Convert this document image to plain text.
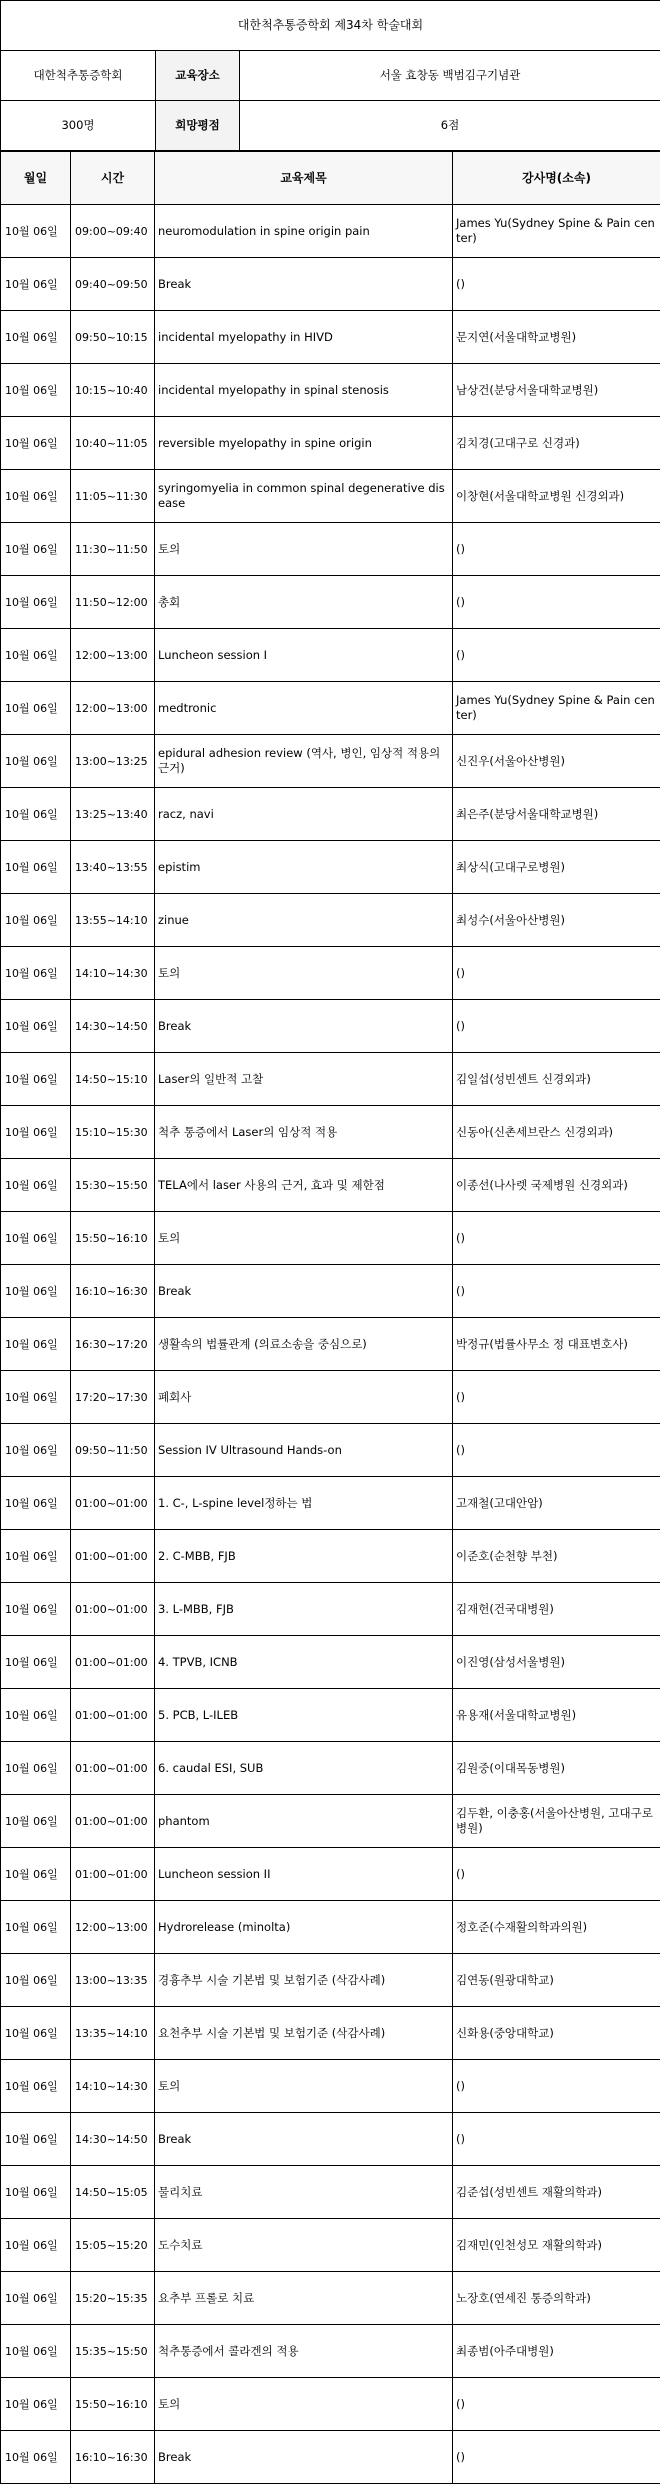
대한척추통증학회 제34차 학술대회		
대한척추통증학회	교육장소	서울 효창동 백범김구기념관
300명	희망평점	6점
월일	시간	교육제목	강사명(소속)
10월 06일	09:00~09:40	neuromodulation in spine origin pain	James Yu(Sydney Spine & Pain center)
10월 06일	09:40~09:50	Break	()
10월 06일	09:50~10:15	incidental myelopathy in HIVD	문지연(서울대학교병원)
10월 06일	10:15~10:40	incidental myelopathy in spinal stenosis	남상건(분당서울대학교병원)
10월 06일	10:40~11:05	reversible myelopathy in spine origin	김치경(고대구로 신경과)
10월 06일	11:05~11:30	syringomyelia in common spinal degenerative disease	이창현(서울대학교병원 신경외과)
10월 06일	11:30~11:50	토의	()
10월 06일	11:50~12:00	총회	()
10월 06일	12:00~13:00	Luncheon session I	()
10월 06일	12:00~13:00	medtronic	James Yu(Sydney Spine & Pain center)
10월 06일	13:00~13:25	epidural adhesion review (역사, 병인, 임상적 적용의 근거)	신진우(서울아산병원)
10월 06일	13:25~13:40	racz, navi	최은주(분당서울대학교병원)
10월 06일	13:40~13:55	epistim	최상식(고대구로병원)
10월 06일	13:55~14:10	zinue	최성수(서울아산병원)
10월 06일	14:10~14:30	토의	()
10월 06일	14:30~14:50	Break	()
10월 06일	14:50~15:10	Laser의 일반적 고찰	김일섭(성빈센트 신경외과)
10월 06일	15:10~15:30	척추 통증에서 Laser의 임상적 적용	신동아(신촌세브란스 신경외과)
10월 06일	15:30~15:50	TELA에서 laser 사용의 근거, 효과 및 제한점	이종선(나사렛 국제병원 신경외과)
10월 06일	15:50~16:10	토의	()
10월 06일	16:10~16:30	Break	()
10월 06일	16:30~17:20	생활속의 법률관계 (의료소송을 중심으로)	박정규(법률사무소 정 대표변호사)
10월 06일	17:20~17:30	폐회사	()
10월 06일	09:50~11:50	Session IV Ultrasound Hands-on	()
10월 06일	01:00~01:00	1. C-, L-spine level정하는 법	고재철(고대안암)
10월 06일	01:00~01:00	2. C-MBB, FJB	이준호(순천향 부천)
10월 06일	01:00~01:00	3. L-MBB, FJB	김재헌(건국대병원)
10월 06일	01:00~01:00	4. TPVB, ICNB	이진영(삼성서울병원)
10월 06일	01:00~01:00	5. PCB, L-ILEB	유용재(서울대학교병원)
10월 06일	01:00~01:00	6. caudal ESI, SUB	김원중(이대목동병원)
10월 06일	01:00~01:00	phantom	김두환, 이충홍(서울아산병원, 고대구로병원)
10월 06일	01:00~01:00	Luncheon session II	()
10월 06일	12:00~13:00	Hydrorelease (minolta)	정호준(수재활의학과의원)
10월 06일	13:00~13:35	경흉추부 시술 기본법 및 보험기준 (삭감사례)	김연동(원광대학교)
10월 06일	13:35~14:10	요천추부 시술 기본법 및 보험기준 (삭감사례)	신화용(중앙대학교)
10월 06일	14:10~14:30	토의	()
10월 06일	14:30~14:50	Break	()
10월 06일	14:50~15:05	물리치료	김준섭(성빈센트 재활의학과)
10월 06일	15:05~15:20	도수치료	김재민(인천성모 재활의학과)
10월 06일	15:20~15:35	요추부 프롤로 치료	노장호(연세진 통증의학과)
10월 06일	15:35~15:50	척추통증에서 콜라겐의 적용	최종범(아주대병원)
10월 06일	15:50~16:10	토의	()
10월 06일	16:10~16:30	Break	()
